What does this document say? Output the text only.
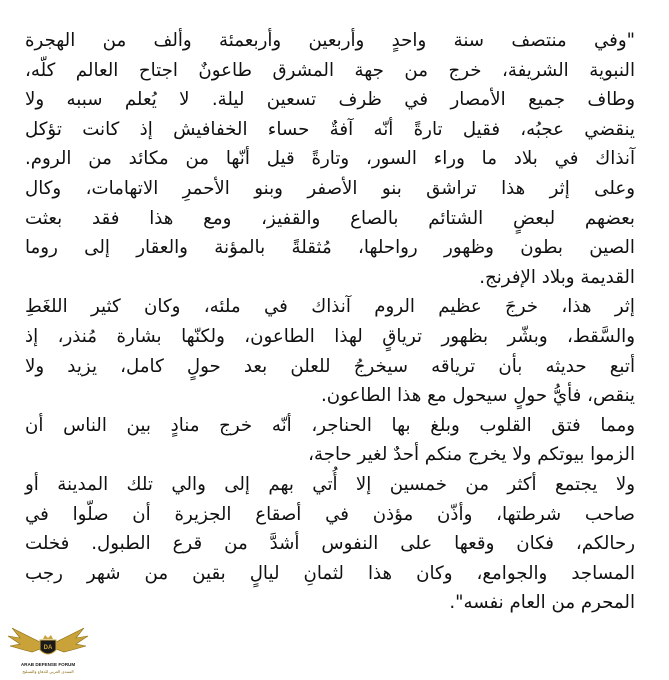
"وفي منتصف سنة واحدٍ وأربعين وأربعمئة وألف من الهجرة
النبوية الشريفة، خرج من جهة المشرق طاعونٌ اجتاح العالم كلّه،
وطاف جميع الأمصار في ظرف تسعين ليلة. لا يُعلم سببه ولا
ينقضي عجبُه، فقيل تارةً أنّه آفةٌ حساء الخفافيش إذ كانت تؤكل
آنذاك في بلاد ما وراء السور، وتارةً قيل أنّها من مكائد من الروم.
وعلى إثر هذا تراشق بنو الأصفر وبنو الأحمرِ الاتهامات، وكال
بعضهم لبعضٍ الشتائم بالصاع والقفيز، ومع هذا فقد بعثت
الصين بطون وظهور رواحلها، مُثقلةً بالمؤنة والعقار إلى روما
القديمة وبلاد الإفرنج.
إثر هذا، خرجَ عظيم الروم آنذاك في ملئه، وكان كثير اللغَطِ
والسَّقط، وبشّر بظهور ترياقٍ لهذا الطاعون، ولكنّها بشارة مُنذر، إذ
أتبع حديثه بأن ترياقه سيخرجُ للعلن بعد حولٍ كامل، يزيد ولا
ينقص، فأيُّ حولٍ سيحول مع هذا الطاعون.
ومما فتق القلوب وبلغ بها الحناجر، أنّه خرج منادٍ بين الناس أن
الزموا بيوتكم ولا يخرج منكم أحدٌ لغير حاجة،
ولا يجتمع أكثر من خمسين إلا أُتي بهم إلى والي تلك المدينة أو
صاحب شرطتها، وأذّن مؤذن في أصقاع الجزيرة أن صلّوا في
رحالكم، فكان وقعها على النفوس أشدَّ من قرع الطبول. فخلت
المساجد والجوامع، وكان هذا لثمانِ ليالٍ بقين من شهر رجب
المحرم من العام نفسه".
DA
ARAB DEFENSE FORUM
المنتدى العربي للدفاع والتسليح
